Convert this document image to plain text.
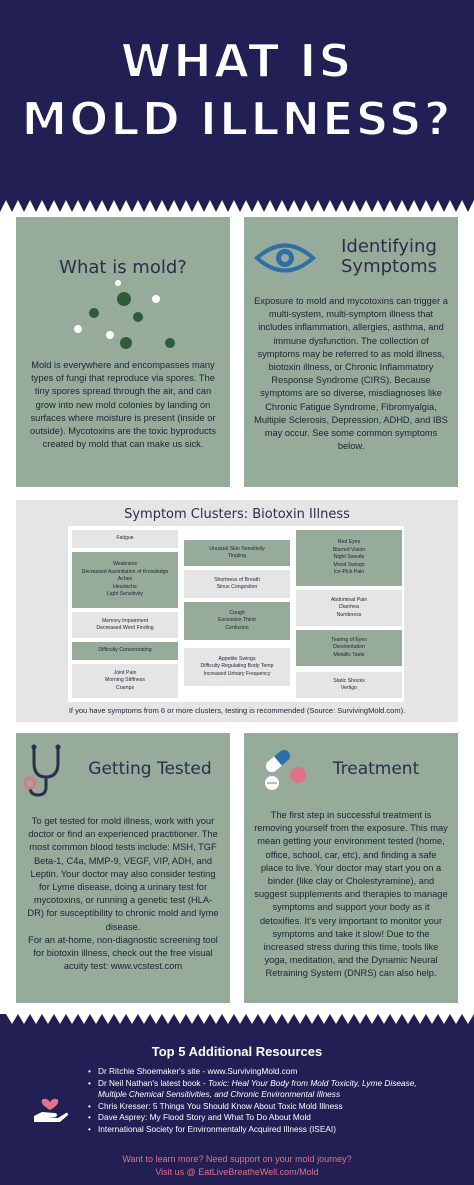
WHAT IS
MOLD ILLNESS?
What is mold?

Mold is everywhere and encompasses many types of fungi that reproduce via spores. The tiny spores spread through the air, and can grow into new mold colonies by landing on surfaces where moisture is present (inside or outside). Mycotoxins are the toxic byproducts created by mold that can make us sick.

Identifying
Symptoms

Exposure to mold and mycotoxins can trigger a multi-system, multi-symptom illness that includes inflammation, allergies, asthma, and immune dysfunction. The collection of symptoms may be referred to as mold illness, biotoxin illness, or Chronic Inflammatory Response Syndrome (CIRS). Because symptoms are so diverse, misdiagnoses like Chronic Fatigue Syndrome, Fibromyalgia, Multiple Sclerosis, Depression, ADHD, and IBS may occur. See some common symptoms below.

Symptom Clusters: Biotoxin Illness
Fatigue
Weakness
Decreased Assimilation of Knowledge
Aches
Headache
Light Sensitivity
Memory Impairment
Decreased Word Finding
Difficulty Concentrating
Joint Pain
Morning Stiffness
Cramps
Unusual Skin Sensitivity
Tingling
Shortness of Breath
Sinus Congestion
Cough
Excessive Thirst
Confusion
Appetite Swings
Difficulty Regulating Body Temp
Increased Urinary Frequency
Red Eyes
Blurred Vision
Night Sweats
Mood Swings
Ice-Pick Pain
Abdominal Pain
Diarrhea
Numbness
Tearing of Eyes
Disorientation
Metallic Taste
Static Shocks
Vertigo
If you have symptoms from 6 or more clusters, testing is recommended (Source: SurvivingMold.com).
Getting Tested

To get tested for mold illness, work with your doctor or find an experienced practitioner. The most common blood tests include: MSH, TGF Beta-1, C4a, MMP-9, VEGF, VIP, ADH, and Leptin. Your doctor may also consider testing for Lyme disease, doing a urinary test for mycotoxins, or running a genetic test (HLA-DR) for susceptibility to chronic mold and lyme disease.
For an at-home, non-diagnostic screening tool for biotoxin illness, check out the free visual acuity test: www.vcstest.com

Treatment

The first step in successful treatment is removing yourself from the exposure. This may mean getting your environment tested (home, office, school, car, etc), and finding a safe place to live. Your doctor may start you on a binder (like clay or Cholestyramine), and suggest supplements and therapies to manage symptoms and support your body as it detoxifies. It's very important to monitor your symptoms and take it slow! Due to the increased stress during this time, tools like yoga, meditation, and the Dynamic Neural Retraining System (DNRS) can also help.

Top 5 Additional Resources
• Dr Ritchie Shoemaker's site - www.SurvivingMold.com
• Dr Neil Nathan's latest book - Toxic: Heal Your Body from Mold Toxicity, Lyme Disease, Multiple Chemical Sensitivities, and Chronic Environmental Illness
• Chris Kresser: 5 Things You Should Know About Toxic Mold Illness
• Dave Asprey: My Flood Story and What To Do About Mold
• International Society for Environmentally Acquired Illness (ISEAI)
Want to learn more? Need support on your mold journey?
Visit us @ EatLiveBreatheWell.com/Mold
